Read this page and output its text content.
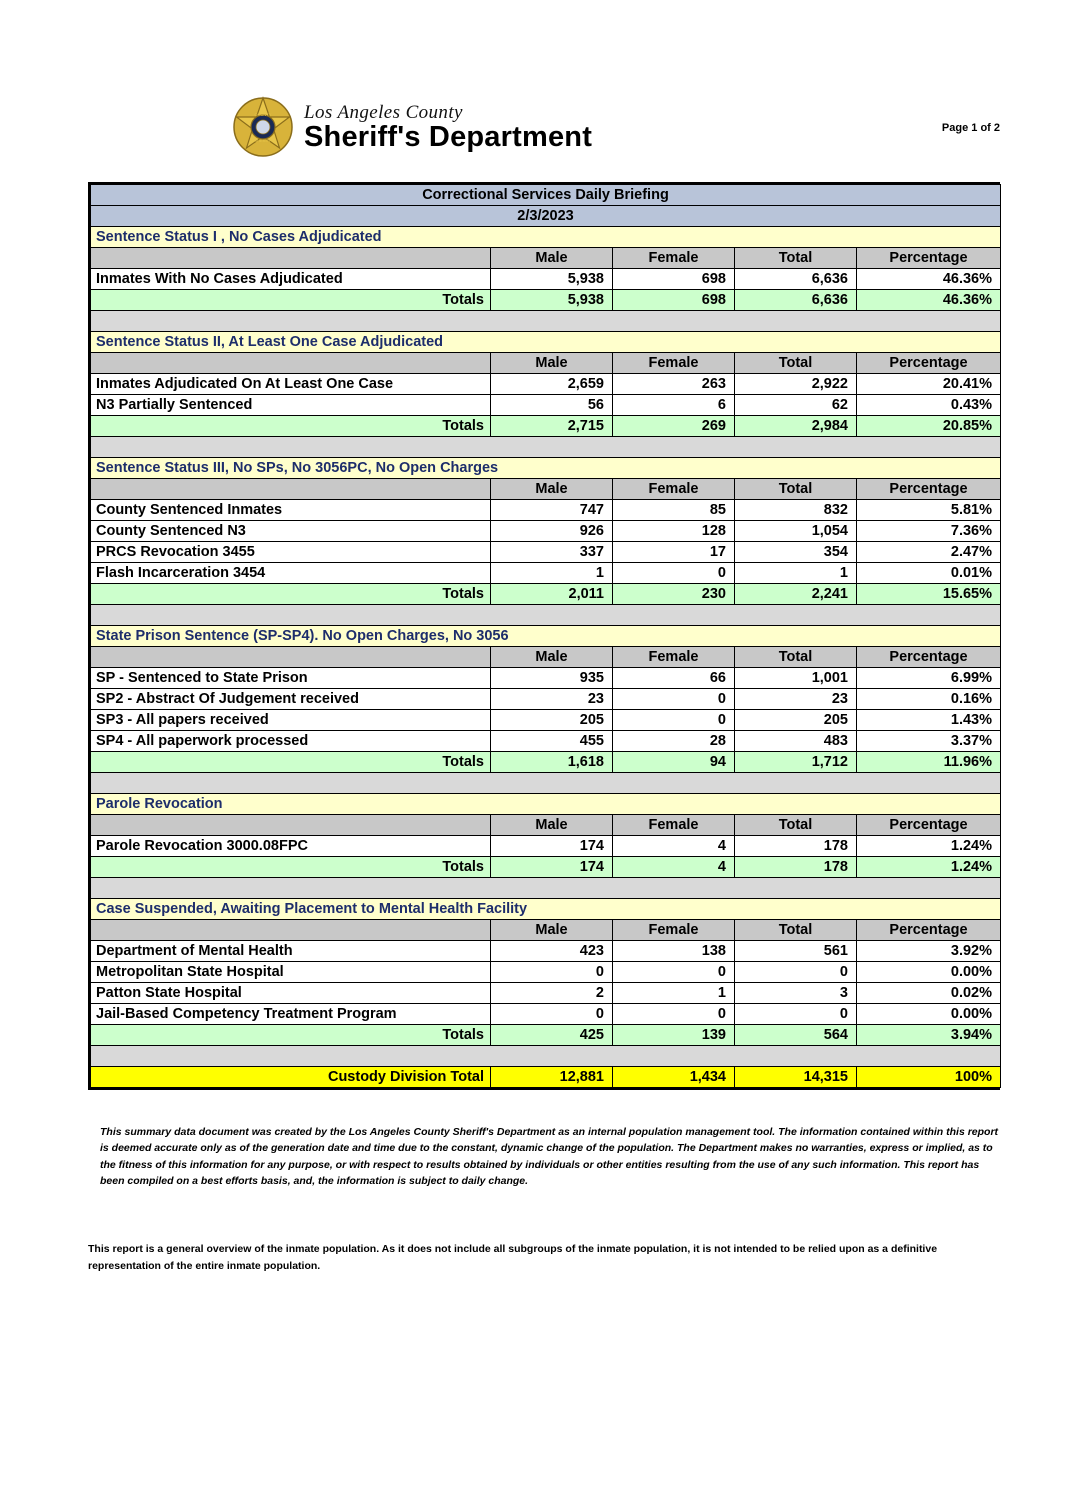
COUNTY
SHERIFF
Los Angeles County
Sheriff's Department	Page 1 of 2
Correctional Services Daily Briefing				
2/3/2023				
Sentence Status I , No Cases Adjudicated				
	Male	Female	Total	Percentage
Inmates With No Cases Adjudicated	5,938	698	6,636	46.36%
Totals	5,938	698	6,636	46.36%

Sentence Status II, At Least One Case Adjudicated				
	Male	Female	Total	Percentage
Inmates Adjudicated On At Least One Case	2,659	263	2,922	20.41%
N3 Partially Sentenced	56	6	62	0.43%
Totals	2,715	269	2,984	20.85%

Sentence Status III, No SPs, No 3056PC, No Open Charges				
	Male	Female	Total	Percentage
County Sentenced Inmates	747	85	832	5.81%
County Sentenced N3	926	128	1,054	7.36%
PRCS Revocation 3455	337	17	354	2.47%
Flash Incarceration 3454	1	0	1	0.01%
Totals	2,011	230	2,241	15.65%

State Prison Sentence (SP-SP4). No Open Charges, No 3056				
	Male	Female	Total	Percentage
SP - Sentenced to State Prison	935	66	1,001	6.99%
SP2 - Abstract Of Judgement received	23	0	23	0.16%
SP3 - All papers received	205	0	205	1.43%
SP4 - All paperwork processed	455	28	483	3.37%
Totals	1,618	94	1,712	11.96%

Parole Revocation				
	Male	Female	Total	Percentage
Parole Revocation 3000.08FPC	174	4	178	1.24%
Totals	174	4	178	1.24%

Case Suspended, Awaiting Placement to Mental Health Facility				
	Male	Female	Total	Percentage
Department of Mental Health	423	138	561	3.92%
Metropolitan State Hospital	0	0	0	0.00%
Patton State Hospital	2	1	3	0.02%
Jail-Based Competency Treatment Program	0	0	0	0.00%
Totals	425	139	564	3.94%

Custody Division Total	12,881	1,434	14,315	100%
This summary data document was created by the Los Angeles County Sheriff's Department as an internal population management tool. The information contained within this report is deemed accurate only as of the generation date and time due to the constant, dynamic change of the population. The Department makes no warranties, express or implied, as to the fitness of this information for any purpose, or with respect to results obtained by individuals or other entities resulting from the use of any such information. This report has been compiled on a best efforts basis, and, the information is subject to daily change.
This report is a general overview of the inmate population. As it does not include all subgroups of the inmate population, it is not intended to be relied upon as a definitive representation of the entire inmate population.
